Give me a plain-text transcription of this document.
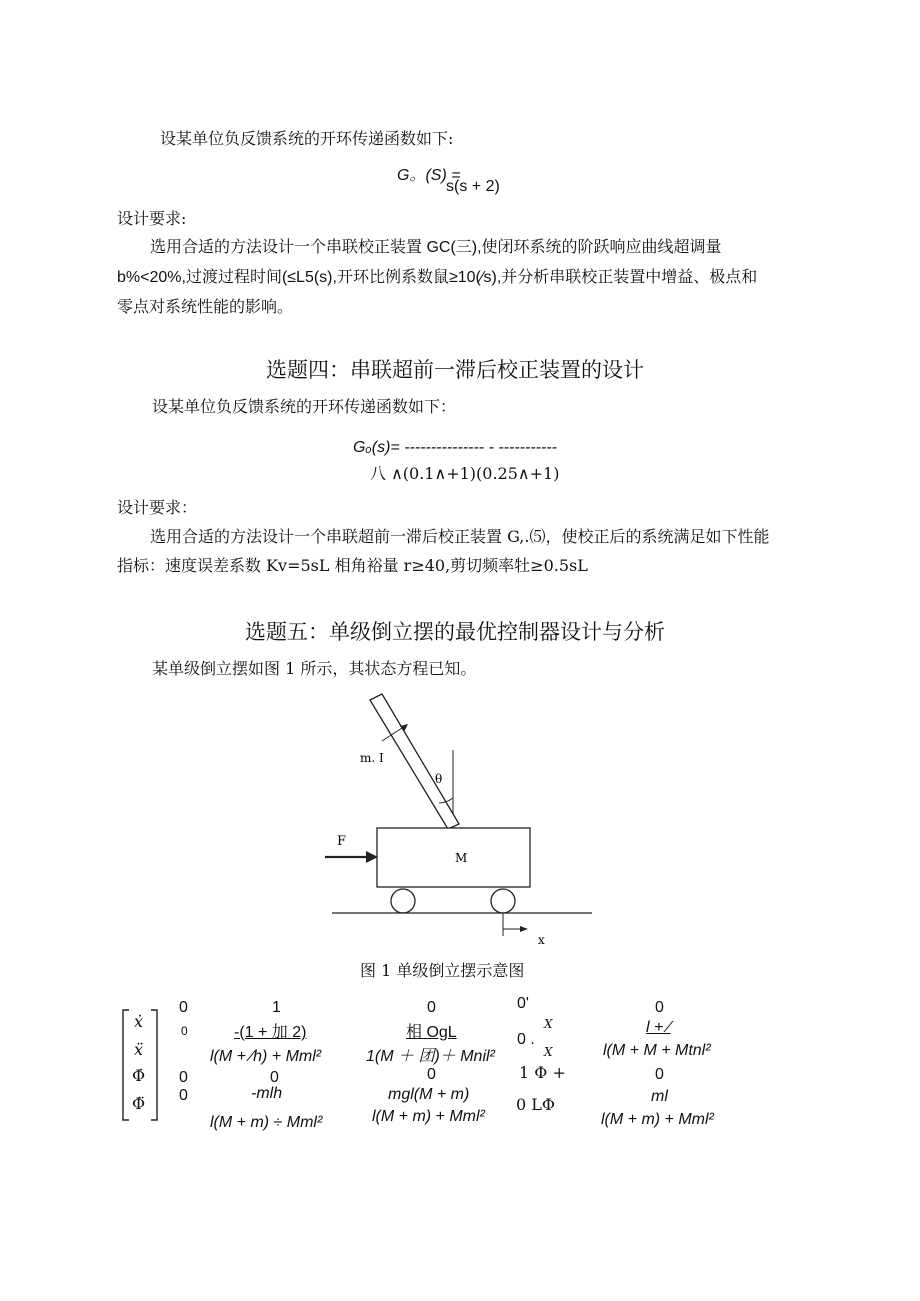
设某单位负反馈系统的开环传递函数如下:
G。(S) =
s(s + 2)
设计要求:
选用合适的方法设计一个串联校正装置 GC(三),使闭环系统的阶跃响应曲线超调量
b%<20%,过渡过程时间(≤L5(s),开环比例系数鼠≥10(∕s),并分析串联校正装置中增益、极点和
零点对系统性能的影响。
选题四：串联超前一滞后校正装置的设计
设某单位负反馈系统的开环传递函数如下：
Gₒ(s)= --------------- - -----------
八 ∧(0.1∧+1)(0.25∧+1)
设计要求：
选用合适的方法设计一个串联超前一滞后校正装置 G,.⑸，使校正后的系统满足如下性能
指标：速度误差系数 Kv=5sL 相角裕量 r≥40,剪切频率牡≥0.5sL
选题五：单级倒立摆的最优控制器设计与分析
某单级倒立摆如图 1 所示，其状态方程已知。
m. I
θ
F
M
x
图 1 单级倒立摆示意图
ẋ
ẍ
Φ̇
Φ̈
0
0
0
0
1
-(1 + 加 2)
l(M + ∕h) + Mml²
0
-mlh
l(M + m) ÷ Mml²
0
相 OgL
1(M ＋ 团)＋ Mnil²
0
mgl(M + m)
l(M + m) + Mml²
0'
X
0 .
X
1 Φ +
0 LΦ
0
l + ∕
l(M + M + Mtnl²
0
ml
l(M + m) + Mml²
